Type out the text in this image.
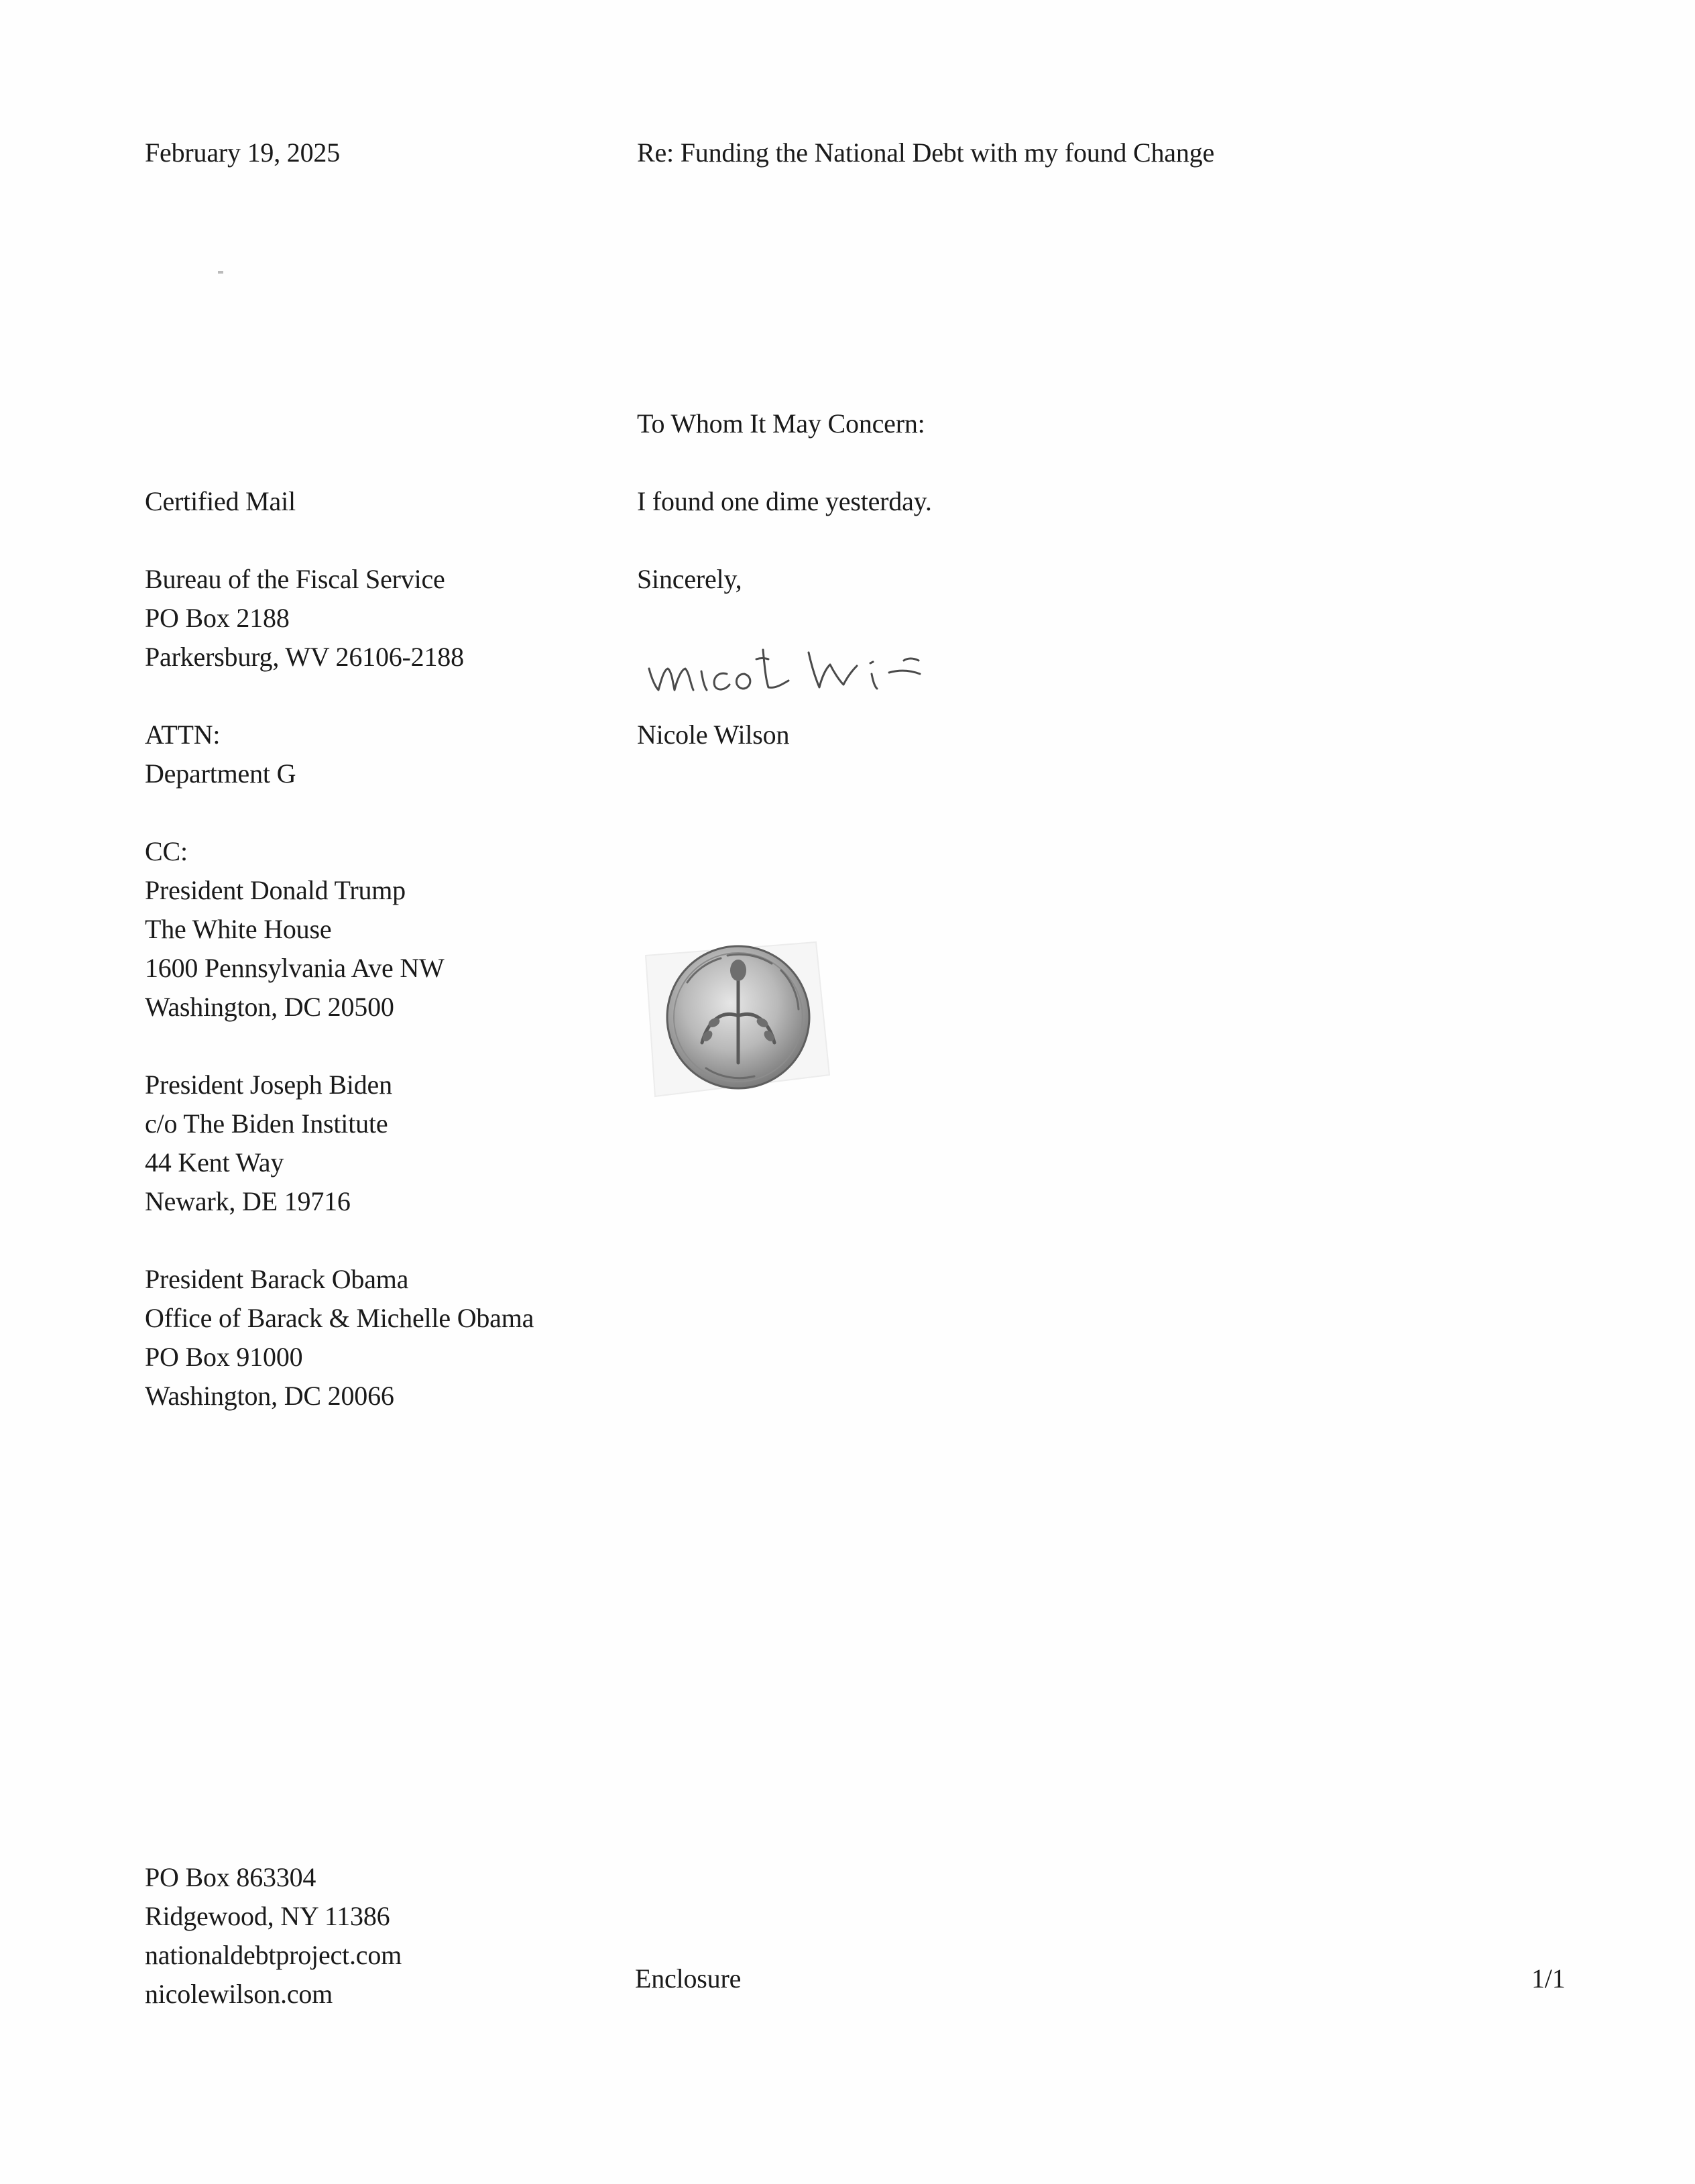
February 19, 2025	Re: Funding the National Debt with my found Change
To Whom It May Concern:
Certified Mail	I found one dime yesterday.
Bureau of the Fiscal Service
PO Box 2188
Parkersburg, WV 26106-2188
Sincerely,
ATTN:
Department G
Nicole Wilson
CC:
President Donald Trump
The White House
1600 Pennsylvania Ave NW
Washington, DC 20500
President Joseph Biden
c/o The Biden Institute
44 Kent Way
Newark, DE 19716
President Barack Obama
Office of Barack & Michelle Obama
PO Box 91000
Washington, DC 20066
PO Box 863304
Ridgewood, NY 11386
nationaldebtproject.com
nicolewilson.com
Enclosure	1/1
